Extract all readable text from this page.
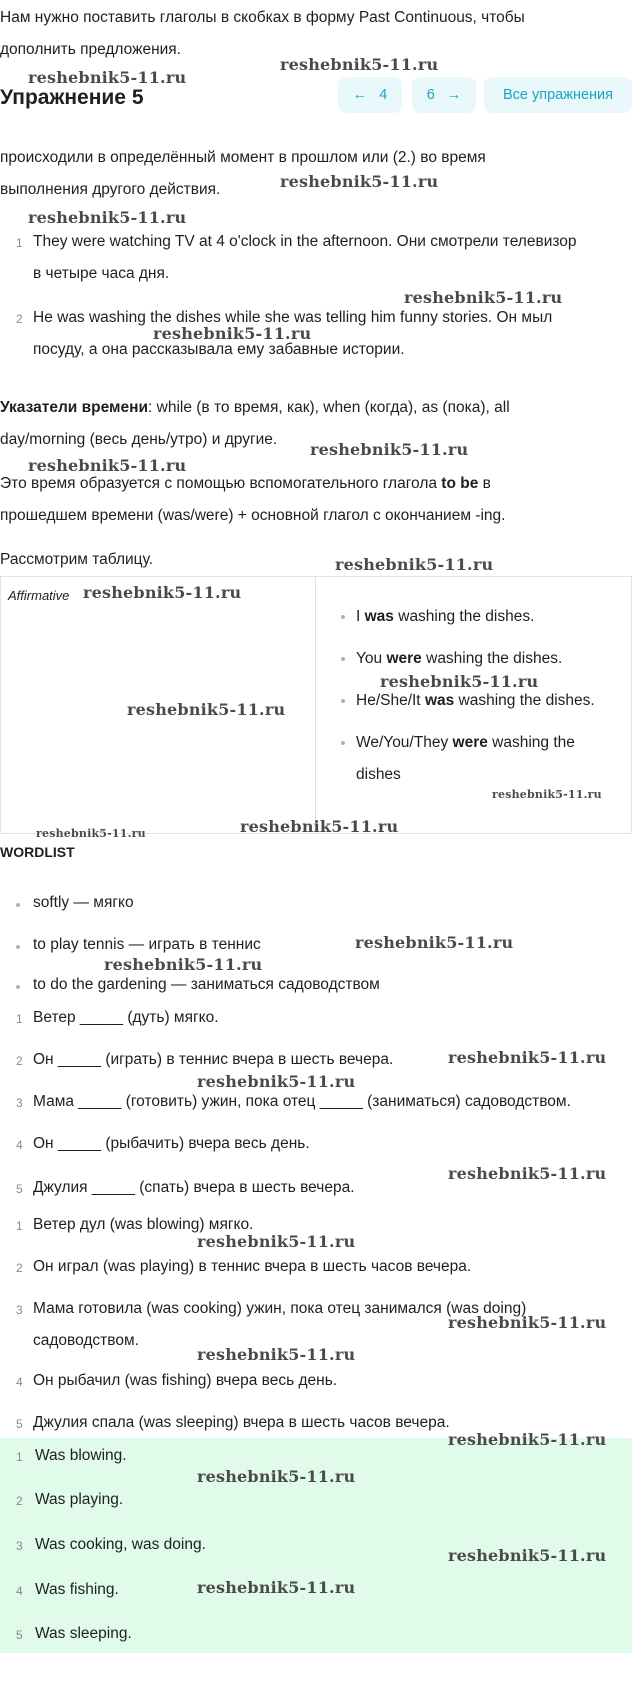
Нам нужно поставить глаголы в скобках в форму Past Continuous, чтобы
дополнить предложения.
Упражнение 5	← 4	6 →	Все упражнения
происходили в определённый момент в прошлом или (2.) во время
выполнения другого действия.
1 They were watching TV at 4 o'clock in the afternoon. Они смотрели телевизор
в четыре часа дня.
2 He was washing the dishes while she was telling him funny stories. Он мыл
посуду, а она рассказывала ему забавные истории.
Указатели времени: while (в то время, как), when (когда), as (пока), all
day/morning (весь день/утро) и другие.
Это время образуется с помощью вспомогательного глагола to be в
прошедшем времени (was/were) + основной глагол с окончанием -ing.
Рассмотрим таблицу.
Affirmative

I was washing the dishes.
You were washing the dishes.
He/She/It was washing the dishes.
We/You/They were washing the
dishes
WORDLIST
softly — мягко
to play tennis — играть в теннис
to do the gardening — заниматься садоводством
1 Ветер _____ (дуть) мягко.
2 Он _____ (играть) в теннис вчера в шесть вечера.
3 Мама _____ (готовить) ужин, пока отец _____ (заниматься) садоводством.
4 Он _____ (рыбачить) вчера весь день.
5 Джулия _____ (спать) вчера в шесть вечера.
1 Ветер дул (was blowing) мягко.
2 Он играл (was playing) в теннис вчера в шесть часов вечера.
3 Мама готовила (was cooking) ужин, пока отец занимался (was doing)
садоводством.
4 Он рыбачил (was fishing) вчера весь день.
5 Джулия спала (was sleeping) вчера в шесть часов вечера.
1 Was blowing.
2 Was playing.
3 Was cooking, was doing.
4 Was fishing.
5 Was sleeping.
reshebnik5-11.ru
reshebnik5-11.ru
reshebnik5-11.ru
reshebnik5-11.ru
reshebnik5-11.ru
reshebnik5-11.ru
reshebnik5-11.ru
reshebnik5-11.ru
reshebnik5-11.ru
reshebnik5-11.ru
reshebnik5-11.ru
reshebnik5-11.ru
reshebnik5-11.ru
reshebnik5-11.ru
reshebnik5-11.ru
reshebnik5-11.ru
reshebnik5-11.ru
reshebnik5-11.ru
reshebnik5-11.ru
reshebnik5-11.ru
reshebnik5-11.ru
reshebnik5-11.ru
reshebnik5-11.ru
reshebnik5-11.ru
reshebnik5-11.ru
reshebnik5-11.ru
reshebnik5-11.ru
